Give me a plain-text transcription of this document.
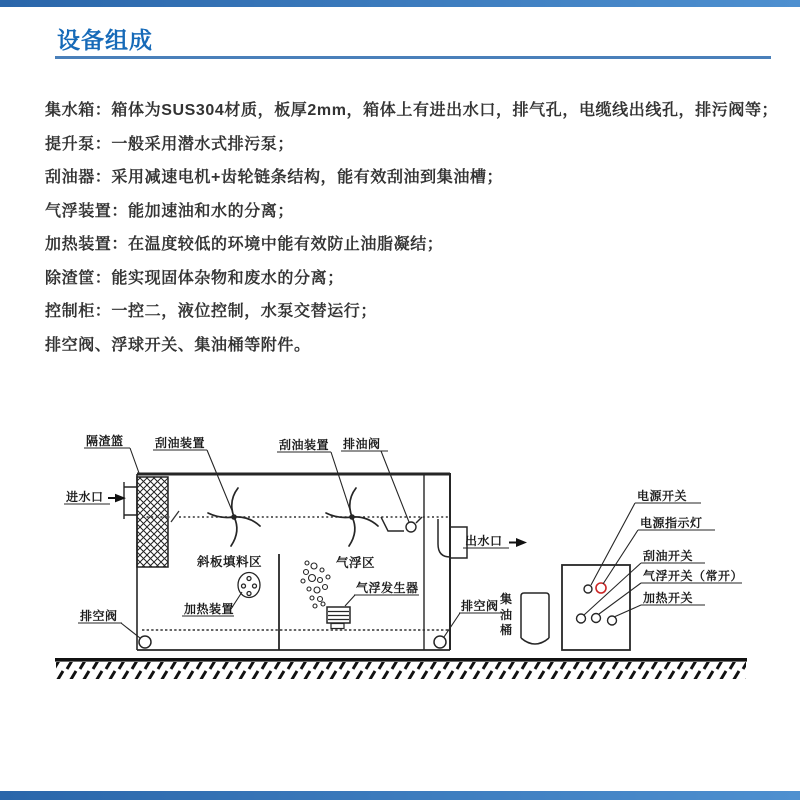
设备组成
集水箱：箱体为SUS304材质，板厚2mm，箱体上有进出水口，排气孔，电缆线出线孔，排污阀等；
提升泵：一般采用潜水式排污泵；
刮油器：采用减速电机+齿轮链条结构，能有效刮油到集油槽；
气浮装置：能加速油和水的分离；
加热装置：在温度较低的环境中能有效防止油脂凝结；
除渣筐：能实现固体杂物和废水的分离；
控制柜：一控二，液位控制，水泵交替运行；
排空阀、浮球开关、集油桶等附件。
隔渣篮	刮油装置	刮油装置 排油阀
进水口
出水口
斜板填料区	气浮区
加热装置
气浮发生器
排空阀
排空阀
电源开关
电源指示灯
刮油开关
气浮开关（常开）
加热开关
集油桶
